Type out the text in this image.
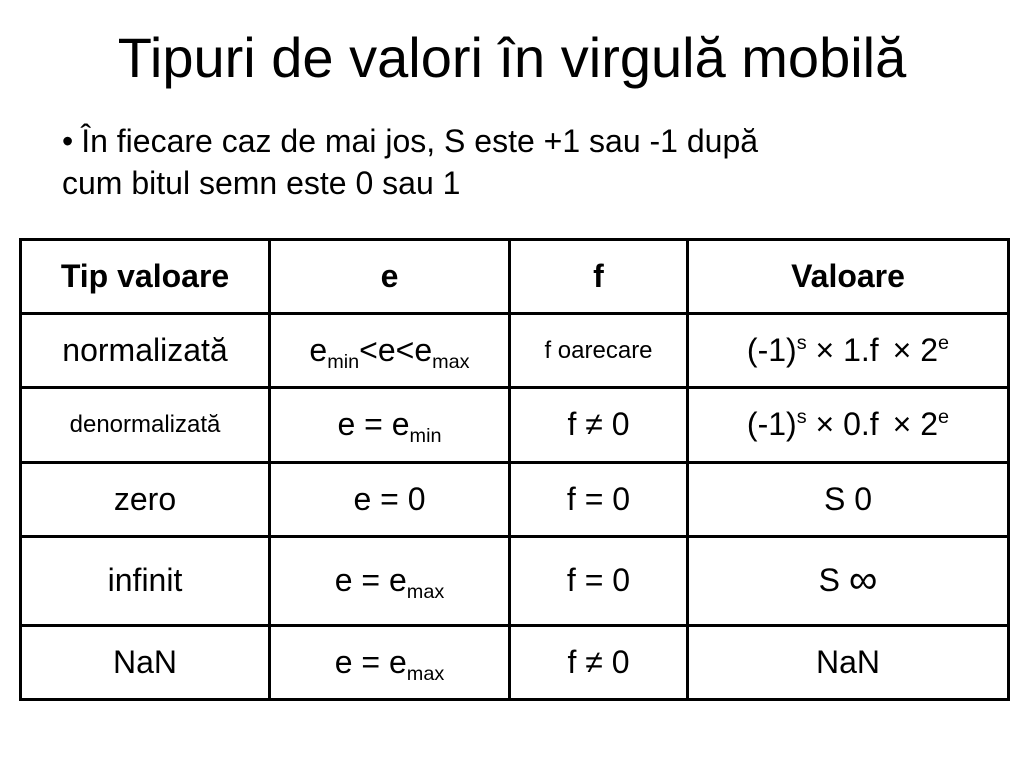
Tipuri de valori în virgulă mobilă
• În fiecare caz de mai jos, S este +1 sau -1 după
cum bitul semn este 0 sau 1
Tip valoare	e	f	Valoare
normalizată	$e_{min}<e<e_{max}$	f oarecare	$(-1)^s \times 1.f \times 2^e$
denormalizată	$e = e_{min}$	f ≠ 0	$(-1)^s \times 0.f \times 2^e$
zero	e = 0	f = 0	S 0
infinit	$e = e_{max}$	f = 0	S ∞
NaN	$e = e_{max}$	f ≠ 0	NaN
